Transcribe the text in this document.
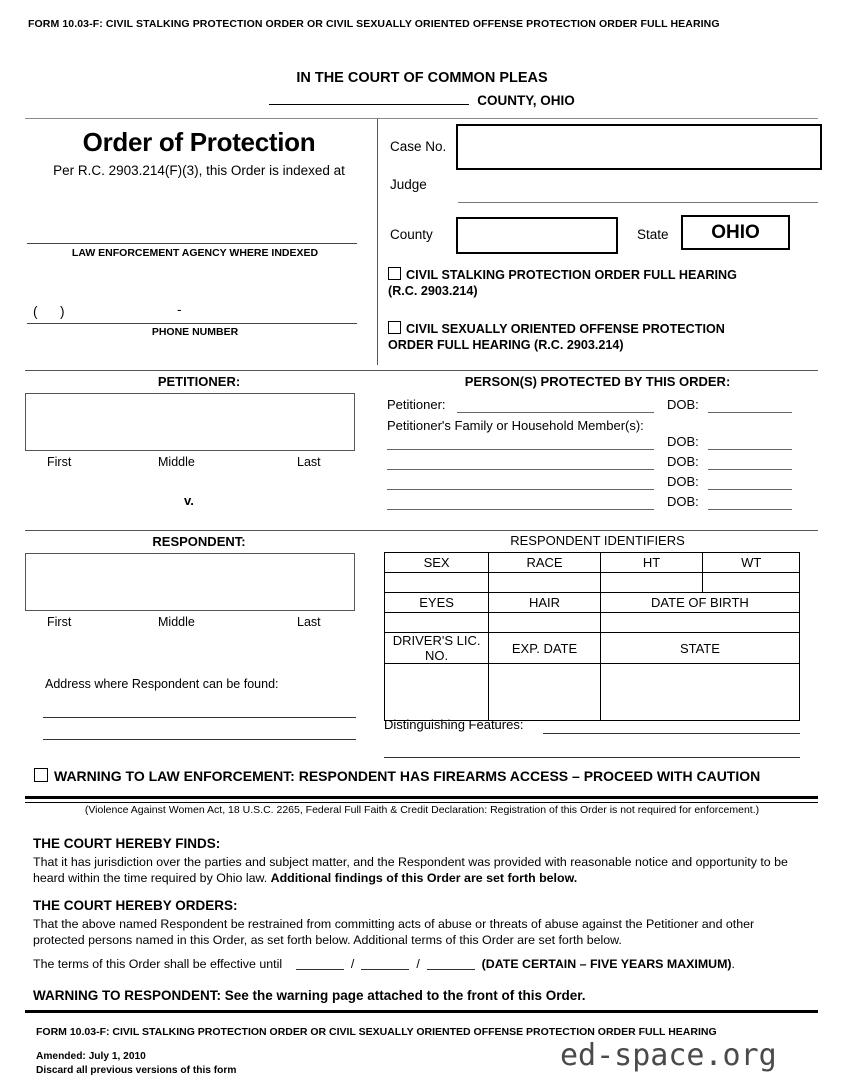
FORM 10.03-F: CIVIL STALKING PROTECTION ORDER OR CIVIL SEXUALLY ORIENTED OFFENSE PROTECTION ORDER FULL HEARING
IN THE COURT OF COMMON PLEAS
COUNTY, OHIO
Order of Protection
Per R.C. 2903.214(F)(3), this Order is indexed at
LAW ENFORCEMENT AGENCY WHERE INDEXED
( )	-
PHONE NUMBER
Case No.
Judge
County	State	OHIO
CIVIL STALKING PROTECTION ORDER FULL HEARING
(R.C. 2903.214)
CIVIL SEXUALLY ORIENTED OFFENSE PROTECTION
ORDER FULL HEARING (R.C. 2903.214)
PETITIONER:
First	Middle	Last
v.
PERSON(S) PROTECTED BY THIS ORDER:
Petitioner:	DOB:
Petitioner's Family or Household Member(s):
DOB:
DOB:
DOB:
DOB:
RESPONDENT:
First	Middle	Last
Address where Respondent can be found:
RESPONDENT IDENTIFIERS
SEX	RACE	HT	WT

EYES	HAIR	DATE OF BIRTH	

DRIVER'S LIC. NO.	EXP. DATE	STATE	

Distinguishing Features:
WARNING TO LAW ENFORCEMENT: RESPONDENT HAS FIREARMS ACCESS – PROCEED WITH CAUTION
(Violence Against Women Act, 18 U.S.C. 2265, Federal Full Faith & Credit Declaration: Registration of this Order is not required for enforcement.)
THE COURT HEREBY FINDS:
That it has jurisdiction over the parties and subject matter, and the Respondent was provided with reasonable notice and opportunity to be heard within the time required by Ohio law. Additional findings of this Order are set forth below.
THE COURT HEREBY ORDERS:
That the above named Respondent be restrained from committing acts of abuse or threats of abuse against the Petitioner and other protected persons named in this Order, as set forth below. Additional terms of this Order are set forth below.
The terms of this Order shall be effective until	/	/	(DATE CERTAIN – FIVE YEARS MAXIMUM).
WARNING TO RESPONDENT: See the warning page attached to the front of this Order.
FORM 10.03-F: CIVIL STALKING PROTECTION ORDER OR CIVIL SEXUALLY ORIENTED OFFENSE PROTECTION ORDER FULL HEARING
Amended: July 1, 2010
Discard all previous versions of this form	ed-space.org
